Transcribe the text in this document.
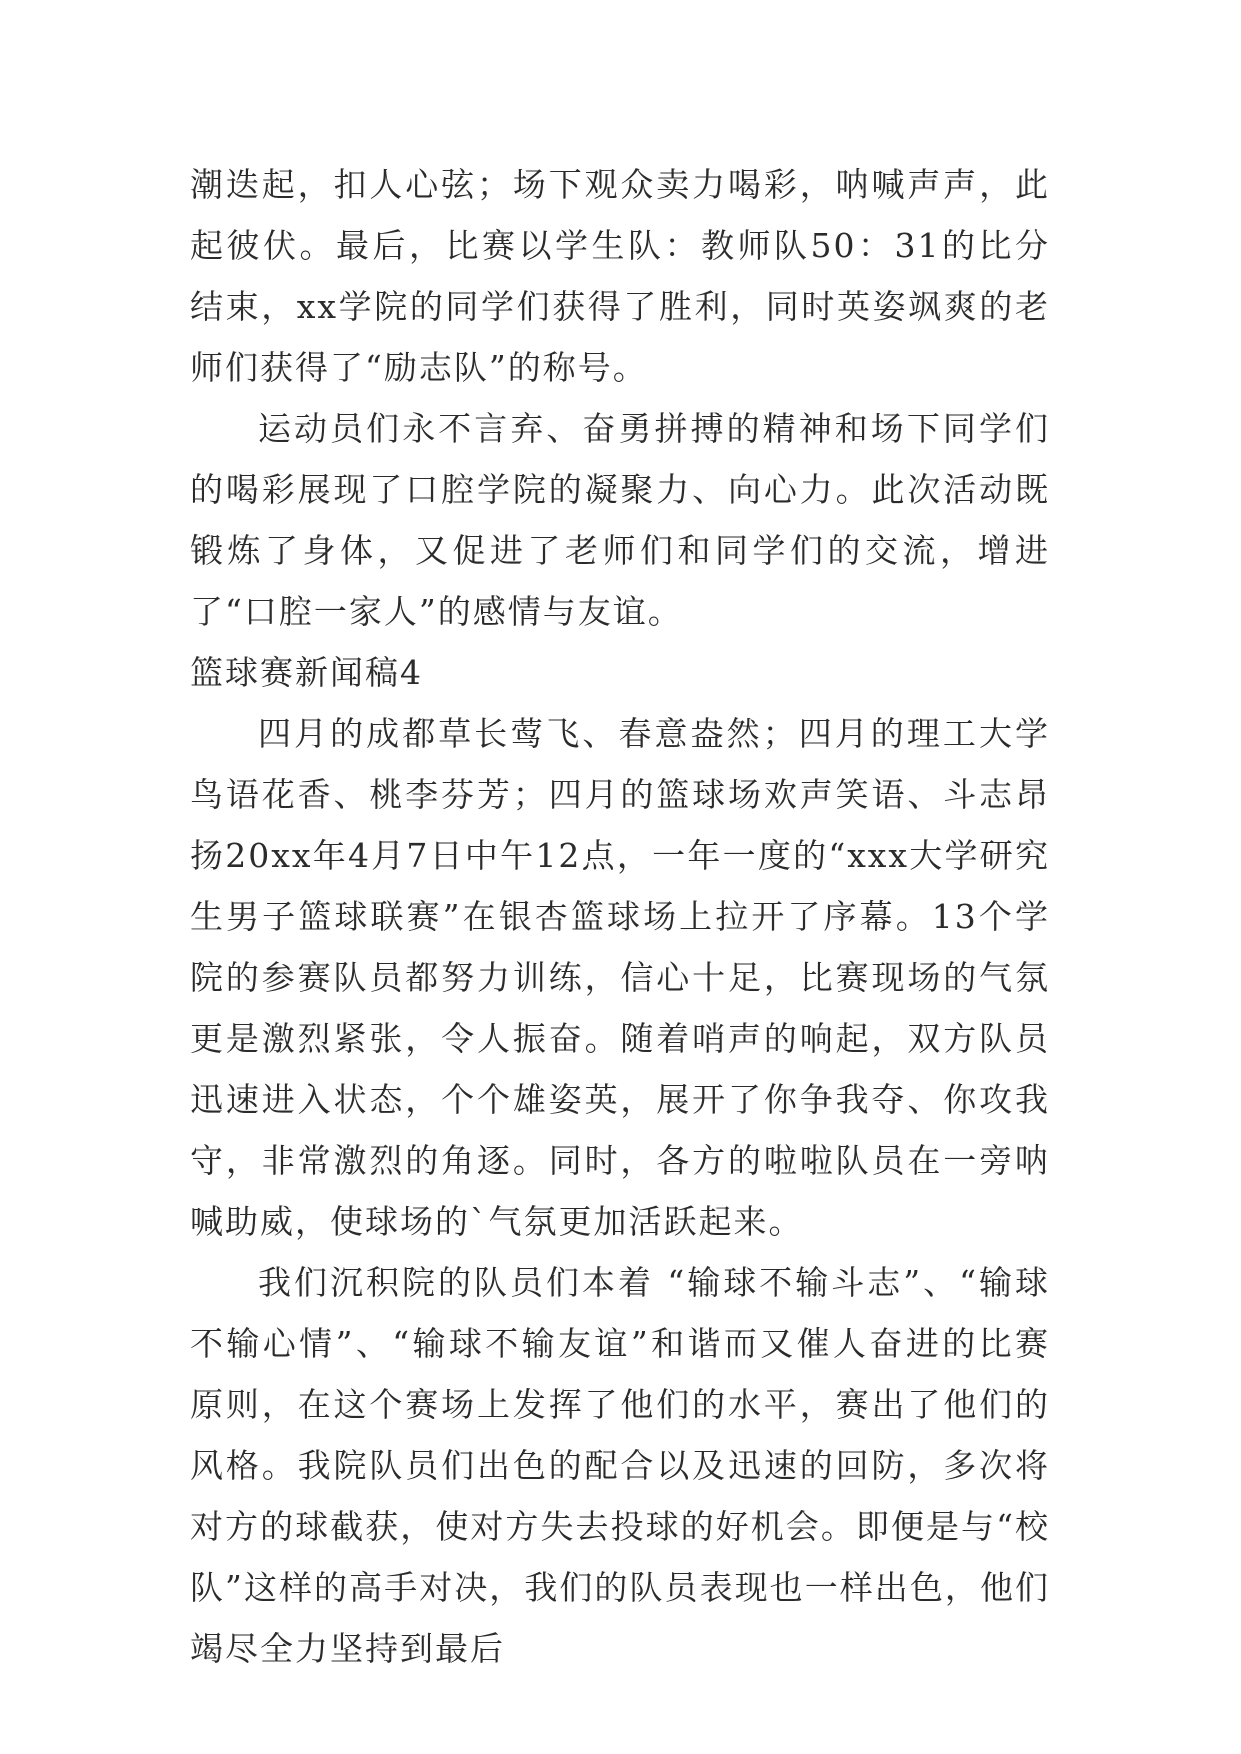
潮迭起，扣人心弦；场下观众卖力喝彩，呐喊声声，此起彼伏。最后，比赛以学生队：教师队50：31的比分结束，xx学院的同学们获得了胜利，同时英姿飒爽的老师们获得了“励志队”的称号。

运动员们永不言弃、奋勇拼搏的精神和场下同学们的喝彩展现了口腔学院的凝聚力、向心力。此次活动既锻炼了身体，又促进了老师们和同学们的交流，增进了“口腔一家人”的感情与友谊。

篮球赛新闻稿4

四月的成都草长莺飞、春意盎然；四月的理工大学鸟语花香、桃李芬芳；四月的篮球场欢声笑语、斗志昂扬20xx年4月7日中午12点，一年一度的“xxx大学研究生男子篮球联赛”在银杏篮球场上拉开了序幕。13个学院的参赛队员都努力训练，信心十足，比赛现场的气氛更是激烈紧张，令人振奋。随着哨声的响起，双方队员迅速进入状态，个个雄姿英，展开了你争我夺、你攻我守，非常激烈的角逐。同时，各方的啦啦队员在一旁呐喊助威，使球场的`气氛更加活跃起来。

我们沉积院的队员们本着 “输球不输斗志”、“输球不输心情”、“输球不输友谊”和谐而又催人奋进的比赛原则，在这个赛场上发挥了他们的水平，赛出了他们的风格。我院队员们出色的配合以及迅速的回防，多次将对方的球截获，使对方失去投球的好机会。即便是与“校队”这样的高手对决，我们的队员表现也一样出色，他们竭尽全力坚持到最后
